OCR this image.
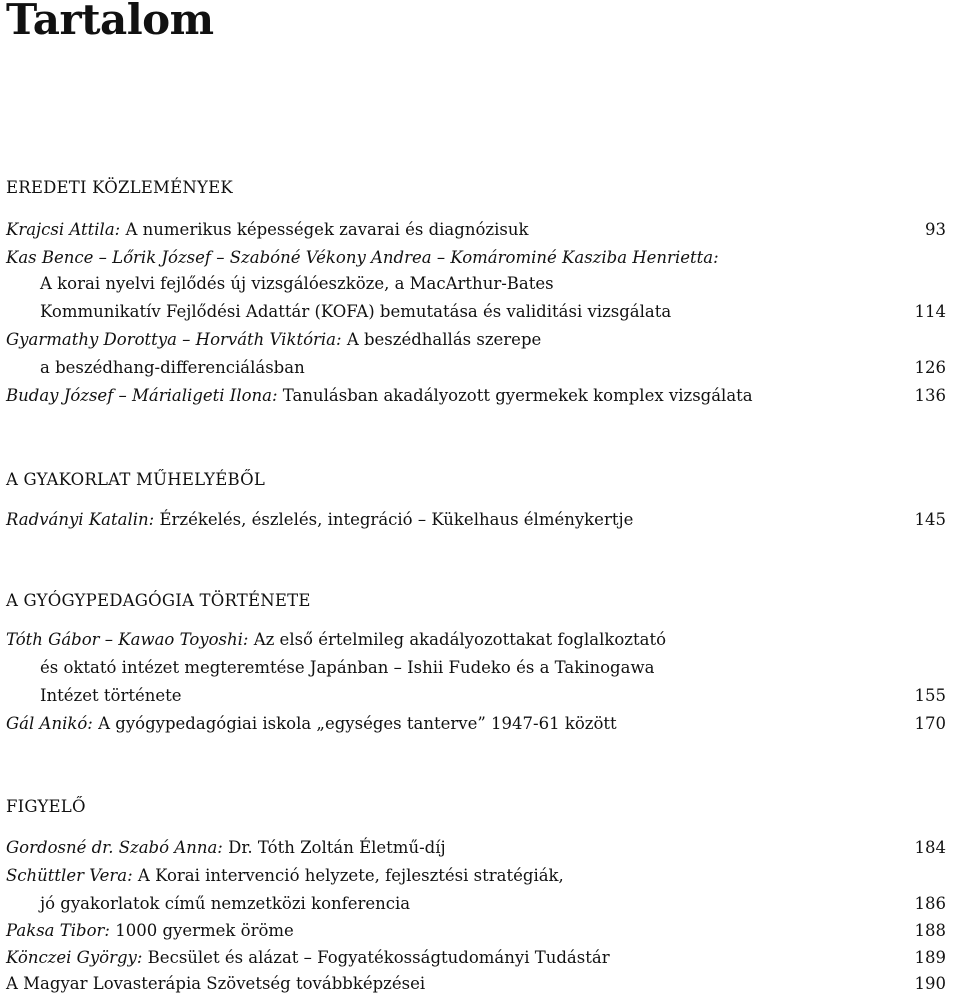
Tartalom
EREDETI KÖZLEMÉNYEK
Krajcsi Attila: A numerikus képességek zavarai és diagnózisuk	93
Kas Bence – Lőrik József – Szabóné Vékony Andrea – Komárominé Kasziba Henrietta:
A korai nyelvi fejlődés új vizsgálóeszköze, a MacArthur-Bates
Kommunikatív Fejlődési Adattár (KOFA) bemutatása és validitási vizsgálata	114
Gyarmathy Dorottya – Horváth Viktória: A beszédhallás szerepe
a beszédhang-differenciálásban	126
Buday József – Márialigeti Ilona: Tanulásban akadályozott gyermekek komplex vizsgálata	136
A GYAKORLAT MŰHELYÉBŐL
Radványi Katalin: Érzékelés, észlelés, integráció – Kükelhaus élménykertje	145
A GYÓGYPEDAGÓGIA TÖRTÉNETE
Tóth Gábor – Kawao Toyoshi: Az első értelmileg akadályozottakat foglalkoztató
és oktató intézet megteremtése Japánban – Ishii Fudeko és a Takinogawa
Intézet története	155
Gál Anikó: A gyógypedagógiai iskola „egységes tanterve” 1947-61 között	170
FIGYELŐ
Gordosné dr. Szabó Anna: Dr. Tóth Zoltán Életmű-díj	184
Schüttler Vera: A Korai intervenció helyzete, fejlesztési stratégiák,
jó gyakorlatok című nemzetközi konferencia	186
Paksa Tibor: 1000 gyermek öröme	188
Könczei György: Becsület és alázat – Fogyatékosságtudományi Tudástár	189
A Magyar Lovasterápia Szövetség továbbképzései	190
